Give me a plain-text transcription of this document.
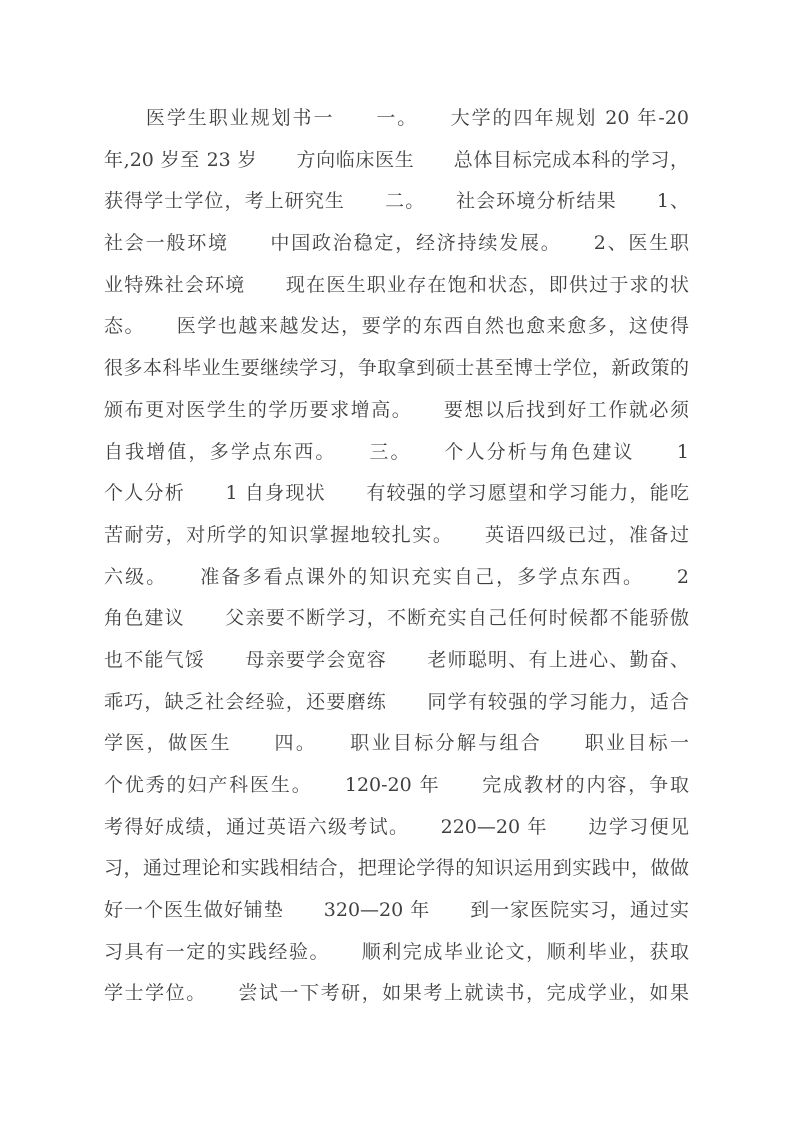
　　医学生职业规划书一　　一。　　大学的四年规划 20 年-20
年,20 岁至 23 岁　　方向临床医生　　总体目标完成本科的学习，
获得学士学位，考上研究生　　二。　　社会环境分析结果　　1、
社会一般环境　　中国政治稳定，经济持续发展。　　2、医生职
业特殊社会环境　　现在医生职业存在饱和状态，即供过于求的状
态。　　医学也越来越发达，要学的东西自然也愈来愈多，这使得
很多本科毕业生要继续学习，争取拿到硕士甚至博士学位，新政策的
颁布更对医学生的学历要求增高。　　要想以后找到好工作就必须
自我增值，多学点东西。　　三。　　个人分析与角色建议　　1
个人分析　　1 自身现状　　有较强的学习愿望和学习能力，能吃
苦耐劳，对所学的知识掌握地较扎实。　　英语四级已过，准备过
六级。　　准备多看点课外的知识充实自己，多学点东西。　　2
角色建议　　父亲要不断学习，不断充实自己任何时候都不能骄傲
也不能气馁　　母亲要学会宽容　　老师聪明、有上进心、勤奋、
乖巧，缺乏社会经验，还要磨练　　同学有较强的学习能力，适合
学医，做医生　　四。　　职业目标分解与组合　　职业目标一
个优秀的妇产科医生。　　120-20 年　　完成教材的内容，争取
考得好成绩，通过英语六级考试。　　220—20 年　　边学习便见
习，通过理论和实践相结合，把理论学得的知识运用到实践中，做做
好一个医生做好铺垫　　320—20 年　　到一家医院实习，通过实
习具有一定的实践经验。　　顺利完成毕业论文，顺利毕业，获取
学士学位。　　尝试一下考研，如果考上就读书，完成学业，如果
